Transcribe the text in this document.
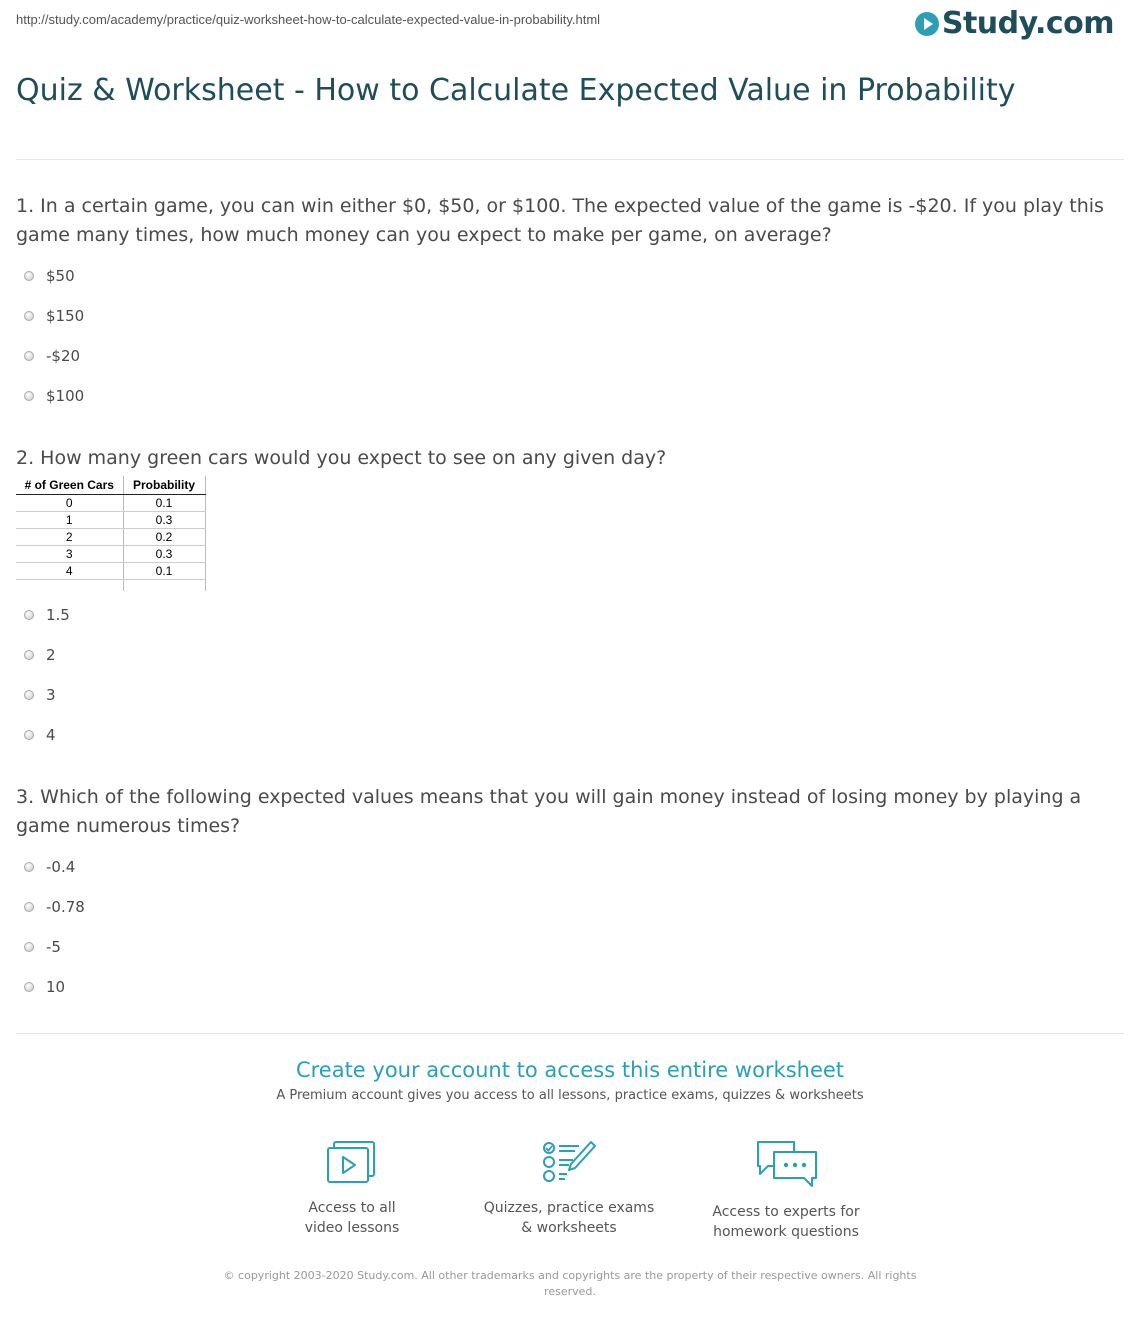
http://study.com/academy/practice/quiz-worksheet-how-to-calculate-expected-value-in-probability.html	Study.com
Quiz & Worksheet - How to Calculate Expected Value in Probability
1. In a certain game, you can win either $0, $50, or $100. The expected value of the game is -$20. If you play this game many times, how much money can you expect to make per game, on average?
$50
$150
-$20
$100
2. How many green cars would you expect to see on any given day?
# of Green Cars	Probability
0	0.1
1	0.3
2	0.2
3	0.3
4	0.1

1.5
2
3
4
3. Which of the following expected values means that you will gain money instead of losing money by playing a game numerous times?
-0.4
-0.78
-5
10
Create your account to access this entire worksheet
A Premium account gives you access to all lessons, practice exams, quizzes & worksheets
Access to all
video lessons
Quizzes, practice exams
& worksheets
Access to experts for
homework questions
© copyright 2003-2020 Study.com. All other trademarks and copyrights are the property of their respective owners. All rights
reserved.
